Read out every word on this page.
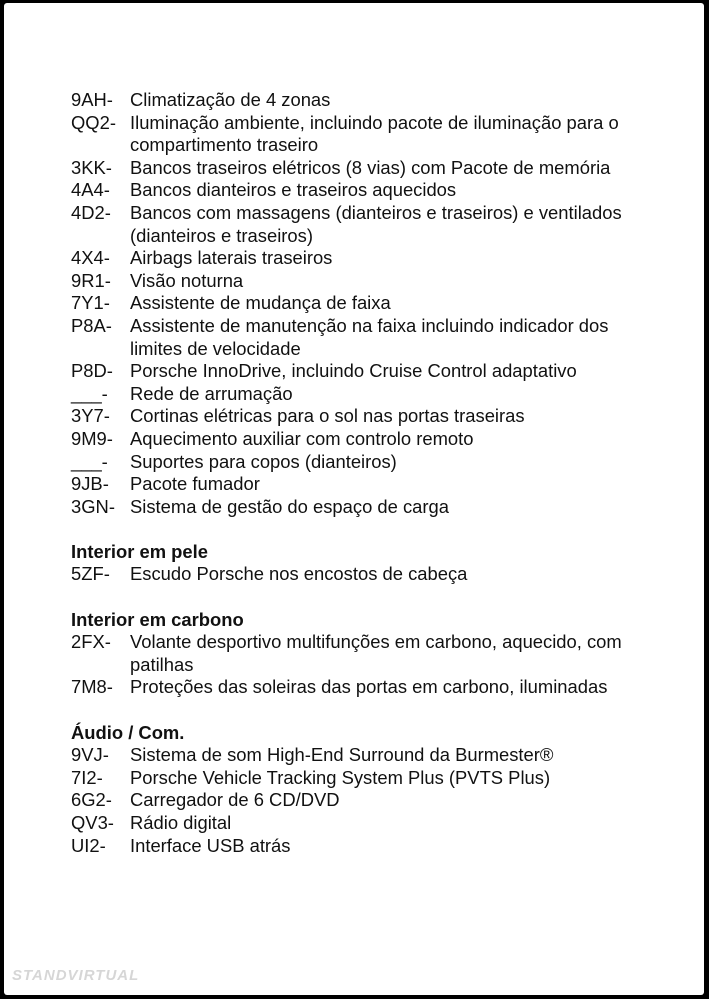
9AH- Climatização de 4 zonas
QQ2- Iluminação ambiente, incluindo pacote de iluminação para o compartimento traseiro
3KK- Bancos traseiros elétricos (8 vias) com Pacote de memória
4A4-	Bancos dianteiros e traseiros aquecidos
4D2-	Bancos com massagens (dianteiros e traseiros) e ventilados (dianteiros e traseiros)
4X4-	Airbags laterais traseiros
9R1-	Visão noturna
7Y1-	Assistente de mudança de faixa
P8A- Assistente de manutenção na faixa incluindo indicador dos limites de velocidade
P8D- Porsche InnoDrive, incluindo Cruise Control adaptativo
___-	Rede de arrumação
3Y7-	Cortinas elétricas para o sol nas portas traseiras
9M9- Aquecimento auxiliar com controlo remoto
___-	Suportes para copos (dianteiros)
9JB-	Pacote fumador
3GN- Sistema de gestão do espaço de carga
Interior em pele
5ZF-	Escudo Porsche nos encostos de cabeça
Interior em carbono
2FX-	Volante desportivo multifunções em carbono, aquecido, com patilhas
7M8- Proteções das soleiras das portas em carbono, iluminadas
Áudio / Com.
9VJ-	Sistema de som High-End Surround da Burmester®
7I2-	Porsche Vehicle Tracking System Plus (PVTS Plus)
6G2- Carregador de 6 CD/DVD
QV3- Rádio digital
UI2-	Interface USB atrás
STANDVIRTUAL
